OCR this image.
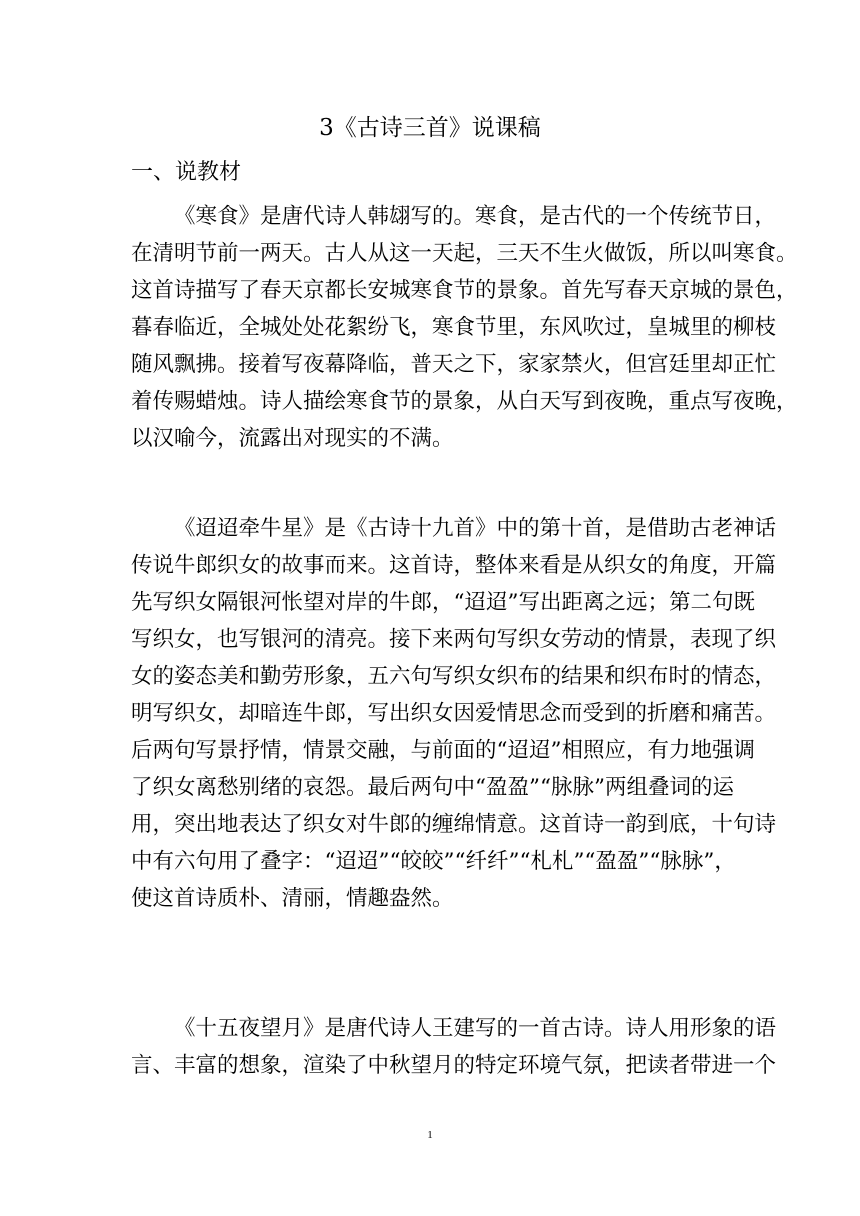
3《古诗三首》说课稿
一、说教材
《寒食》是唐代诗人韩翃写的。寒食，是古代的一个传统节日，
在清明节前一两天。古人从这一天起，三天不生火做饭，所以叫寒食。
这首诗描写了春天京都长安城寒食节的景象。首先写春天京城的景色，
暮春临近，全城处处花絮纷飞，寒食节里，东风吹过，皇城里的柳枝
随风飘拂。接着写夜幕降临，普天之下，家家禁火，但宫廷里却正忙
着传赐蜡烛。诗人描绘寒食节的景象，从白天写到夜晚，重点写夜晚，
以汉喻今，流露出对现实的不满。
《迢迢牵牛星》是《古诗十九首》中的第十首，是借助古老神话
传说牛郎织女的故事而来。这首诗，整体来看是从织女的角度，开篇
先写织女隔银河怅望对岸的牛郎，“迢迢”写出距离之远；第二句既
写织女，也写银河的清亮。接下来两句写织女劳动的情景，表现了织
女的姿态美和勤劳形象，五六句写织女织布的结果和织布时的情态，
明写织女，却暗连牛郎，写出织女因爱情思念而受到的折磨和痛苦。
后两句写景抒情，情景交融，与前面的“迢迢”相照应，有力地强调
了织女离愁别绪的哀怨。最后两句中“盈盈”“脉脉”两组叠词的运
用，突出地表达了织女对牛郎的缠绵情意。这首诗一韵到底，十句诗
中有六句用了叠字：“迢迢”“皎皎”“纤纤”“札札”“盈盈”“脉脉”，
使这首诗质朴、清丽，情趣盎然。
《十五夜望月》是唐代诗人王建写的一首古诗。诗人用形象的语
言、丰富的想象，渲染了中秋望月的特定环境气氛，把读者带进一个
1
